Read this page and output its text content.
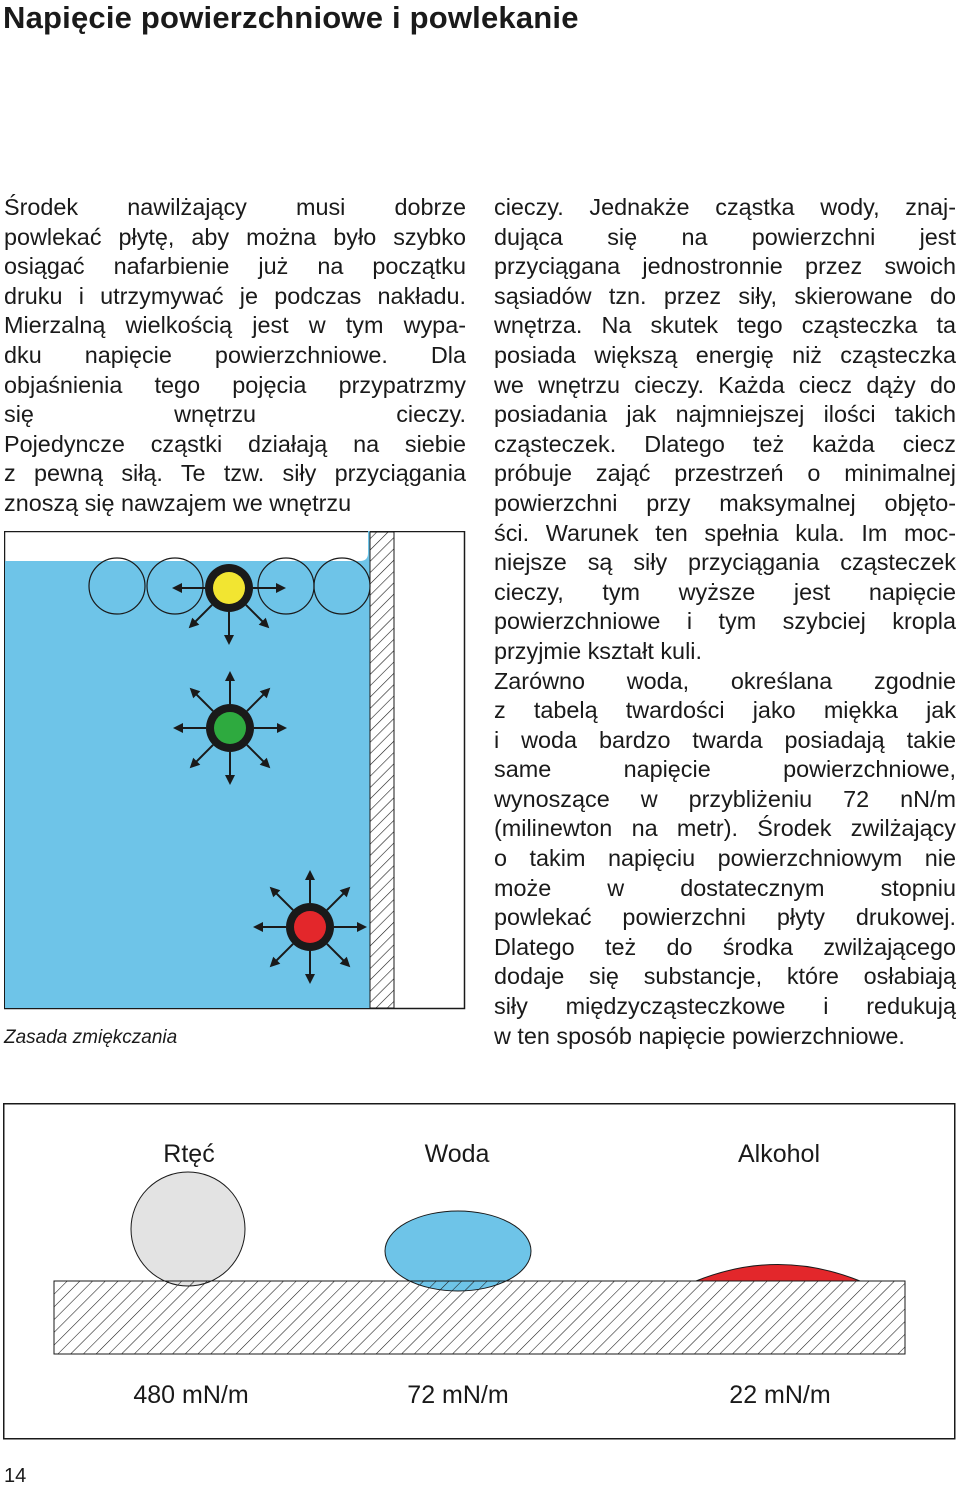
Napięcie powierzchniowe i powlekanie
Środek nawilżający musi dobrze
powlekać płytę, aby można było szybko
osiągać nafarbienie już na początku
druku i utrzymywać je podczas nakładu.
Mierzalną wielkością jest w tym wypa-
dku napięcie powierzchniowe. Dla
objaśnienia tego pojęcia przypatrzmy
się wnętrzu cieczy.
Pojedyncze cząstki działają na siebie
z pewną siłą. Te tzw. siły przyciągania
znoszą się nawzajem we wnętrzu
cieczy. Jednakże cząstka wody, znaj-
dująca się na powierzchni jest
przyciągana jednostronnie przez swoich
sąsiadów tzn. przez siły, skierowane do
wnętrza. Na skutek tego cząsteczka ta
posiada większą energię niż cząsteczka
we wnętrzu cieczy. Każda ciecz dąży do
posiadania jak najmniejszej ilości takich
cząsteczek. Dlatego też każda ciecz
próbuje zająć przestrzeń o minimalnej
powierzchni przy maksymalnej objęto-
ści. Warunek ten spełnia kula. Im moc-
niejsze są siły przyciągania cząsteczek
cieczy, tym wyższe jest napięcie
powierzchniowe i tym szybciej kropla
przyjmie kształt kuli.
Zarówno woda, określana zgodnie
z tabelą twardości jako miękka jak
i woda bardzo twarda posiadają takie
same napięcie powierzchniowe,
wynoszące w przybliżeniu 72 nN/m
(milinewton na metr). Środek zwilżający
o takim napięciu powierzchniowym nie
może w dostatecznym stopniu
powlekać powierzchni płyty drukowej.
Dlatego też do środka zwilżającego
dodaje się substancje, które osłabiają
siły międzycząsteczkowe i redukują
w ten sposób napięcie powierzchniowe.

Zasada zmiękczania

Rtęć	Woda	Alkohol
480 mN/m	72 mN/m	22 mN/m
14
